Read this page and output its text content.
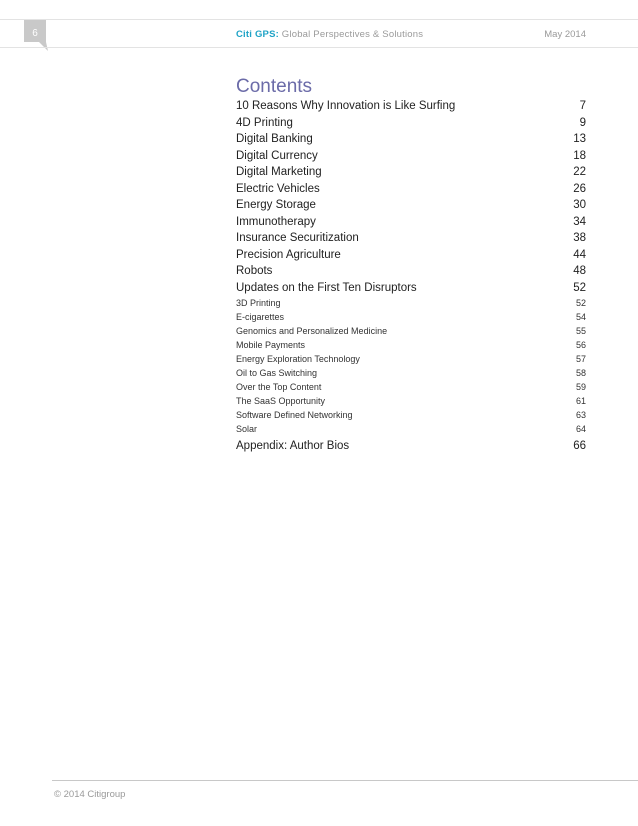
6	Citi GPS: Global Perspectives & Solutions	May 2014
Contents
10 Reasons Why Innovation is Like Surfing	7
4D Printing	9
Digital Banking	13
Digital Currency	18
Digital Marketing	22
Electric Vehicles	26
Energy Storage	30
Immunotherapy	34
Insurance Securitization	38
Precision Agriculture	44
Robots	48
Updates on the First Ten Disruptors	52
3D Printing	52
E-cigarettes	54
Genomics and Personalized Medicine	55
Mobile Payments	56
Energy Exploration Technology	57
Oil to Gas Switching	58
Over the Top Content	59
The SaaS Opportunity	61
Software Defined Networking	63
Solar	64
Appendix: Author Bios	66
© 2014 Citigroup
